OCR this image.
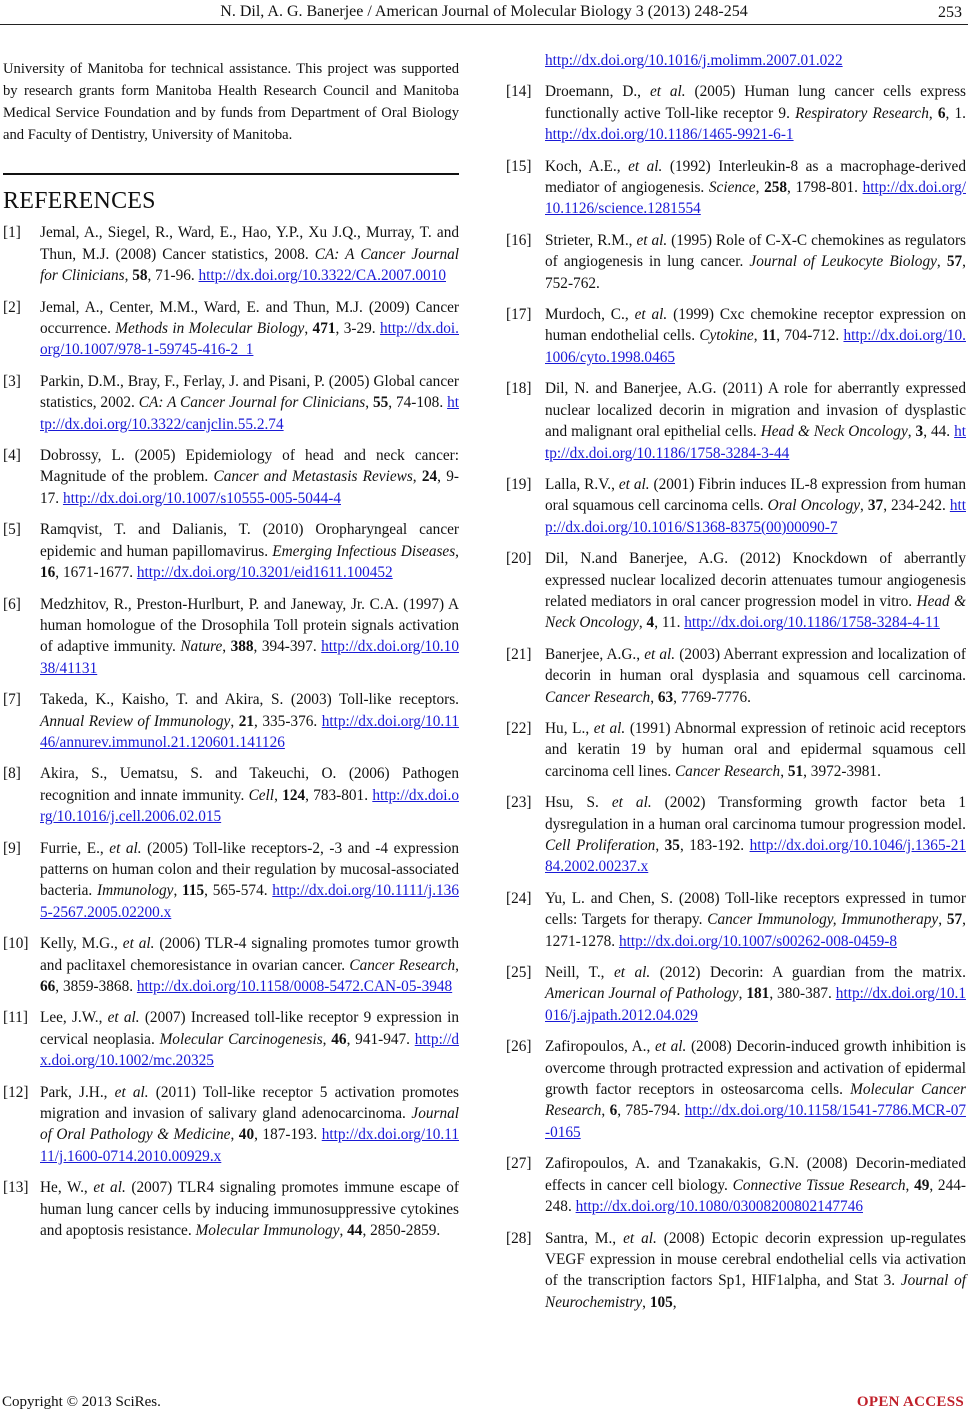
N. Dil, A. G. Banerjee / American Journal of Molecular Biology 3 (2013) 248-254	253
University of Manitoba for technical assistance. This project was supported by research grants form Manitoba Health Research Council and Manitoba Medical Service Foundation and by funds from Department of Oral Biology and Faculty of Dentistry, University of Manitoba.
REFERENCES
[1] Jemal, A., Siegel, R., Ward, E., Hao, Y.P., Xu J.Q., Murray, T. and Thun, M.J. (2008) Cancer statistics, 2008. CA: A Cancer Journal for Clinicians, 58, 71-96. http://dx.doi.org/10.3322/CA.2007.0010
[2] Jemal, A., Center, M.M., Ward, E. and Thun, M.J. (2009) Cancer occurrence. Methods in Molecular Biology, 471, 3-29. http://dx.doi.org/10.1007/978-1-59745-416-2_1
[3] Parkin, D.M., Bray, F., Ferlay, J. and Pisani, P. (2005) Global cancer statistics, 2002. CA: A Cancer Journal for Clinicians, 55, 74-108. http://dx.doi.org/10.3322/canjclin.55.2.74
[4] Dobrossy, L. (2005) Epidemiology of head and neck cancer: Magnitude of the problem. Cancer and Metastasis Reviews, 24, 9-17. http://dx.doi.org/10.1007/s10555-005-5044-4
[5] Ramqvist, T. and Dalianis, T. (2010) Oropharyngeal cancer epidemic and human papillomavirus. Emerging Infectious Diseases, 16, 1671-1677. http://dx.doi.org/10.3201/eid1611.100452
[6] Medzhitov, R., Preston-Hurlburt, P. and Janeway, Jr. C.A. (1997) A human homologue of the Drosophila Toll protein signals activation of adaptive immunity. Nature, 388, 394-397. http://dx.doi.org/10.1038/41131
[7] Takeda, K., Kaisho, T. and Akira, S. (2003) Toll-like receptors. Annual Review of Immunology, 21, 335-376. http://dx.doi.org/10.1146/annurev.immunol.21.120601.141126
[8] Akira, S., Uematsu, S. and Takeuchi, O. (2006) Pathogen recognition and innate immunity. Cell, 124, 783-801. http://dx.doi.org/10.1016/j.cell.2006.02.015
[9] Furrie, E., et al. (2005) Toll-like receptors-2, -3 and -4 expression patterns on human colon and their regulation by mucosal-associated bacteria. Immunology, 115, 565-574. http://dx.doi.org/10.1111/j.1365-2567.2005.02200.x
[10] Kelly, M.G., et al. (2006) TLR-4 signaling promotes tumor growth and paclitaxel chemoresistance in ovarian cancer. Cancer Research, 66, 3859-3868. http://dx.doi.org/10.1158/0008-5472.CAN-05-3948
[11] Lee, J.W., et al. (2007) Increased toll-like receptor 9 expression in cervical neoplasia. Molecular Carcinogenesis, 46, 941-947. http://dx.doi.org/10.1002/mc.20325
[12] Park, J.H., et al. (2011) Toll-like receptor 5 activation promotes migration and invasion of salivary gland adenocarcinoma. Journal of Oral Pathology & Medicine, 40, 187-193. http://dx.doi.org/10.1111/j.1600-0714.2010.00929.x
[13] He, W., et al. (2007) TLR4 signaling promotes immune escape of human lung cancer cells by inducing immunosuppressive cytokines and apoptosis resistance. Molecular Immunology, 44, 2850-2859.
http://dx.doi.org/10.1016/j.molimm.2007.01.022
[14] Droemann, D., et al. (2005) Human lung cancer cells express functionally active Toll-like receptor 9. Respiratory Research, 6, 1. http://dx.doi.org/10.1186/1465-9921-6-1
[15] Koch, A.E., et al. (1992) Interleukin-8 as a macrophage-derived mediator of angiogenesis. Science, 258, 1798-801. http://dx.doi.org/10.1126/science.1281554
[16] Strieter, R.M., et al. (1995) Role of C-X-C chemokines as regulators of angiogenesis in lung cancer. Journal of Leukocyte Biology, 57, 752-762.
[17] Murdoch, C., et al. (1999) Cxc chemokine receptor expression on human endothelial cells. Cytokine, 11, 704-712. http://dx.doi.org/10.1006/cyto.1998.0465
[18] Dil, N. and Banerjee, A.G. (2011) A role for aberrantly expressed nuclear localized decorin in migration and invasion of dysplastic and malignant oral epithelial cells. Head & Neck Oncology, 3, 44. http://dx.doi.org/10.1186/1758-3284-3-44
[19] Lalla, R.V., et al. (2001) Fibrin induces IL-8 expression from human oral squamous cell carcinoma cells. Oral Oncology, 37, 234-242. http://dx.doi.org/10.1016/S1368-8375(00)00090-7
[20] Dil, N.and Banerjee, A.G. (2012) Knockdown of aberrantly expressed nuclear localized decorin attenuates tumour angiogenesis related mediators in oral cancer progression model in vitro. Head & Neck Oncology, 4, 11. http://dx.doi.org/10.1186/1758-3284-4-11
[21] Banerjee, A.G., et al. (2003) Aberrant expression and localization of decorin in human oral dysplasia and squamous cell carcinoma. Cancer Research, 63, 7769-7776.
[22] Hu, L., et al. (1991) Abnormal expression of retinoic acid receptors and keratin 19 by human oral and epidermal squamous cell carcinoma cell lines. Cancer Research, 51, 3972-3981.
[23] Hsu, S. et al. (2002) Transforming growth factor beta 1 dysregulation in a human oral carcinoma tumour progression model. Cell Proliferation, 35, 183-192. http://dx.doi.org/10.1046/j.1365-2184.2002.00237.x
[24] Yu, L. and Chen, S. (2008) Toll-like receptors expressed in tumor cells: Targets for therapy. Cancer Immunology, Immunotherapy, 57, 1271-1278. http://dx.doi.org/10.1007/s00262-008-0459-8
[25] Neill, T., et al. (2012) Decorin: A guardian from the matrix. American Journal of Pathology, 181, 380-387. http://dx.doi.org/10.1016/j.ajpath.2012.04.029
[26] Zafiropoulos, A., et al. (2008) Decorin-induced growth inhibition is overcome through protracted expression and activation of epidermal growth factor receptors in osteosarcoma cells. Molecular Cancer Research, 6, 785-794. http://dx.doi.org/10.1158/1541-7786.MCR-07-0165
[27] Zafiropoulos, A. and Tzanakakis, G.N. (2008) Decorin-mediated effects in cancer cell biology. Connective Tissue Research, 49, 244-248. http://dx.doi.org/10.1080/03008200802147746
[28] Santra, M., et al. (2008) Ectopic decorin expression up-regulates VEGF expression in mouse cerebral endothelial cells via activation of the transcription factors Sp1, HIF1alpha, and Stat 3. Journal of Neurochemistry, 105,
Copyright © 2013 SciRes.	OPEN ACCESS
